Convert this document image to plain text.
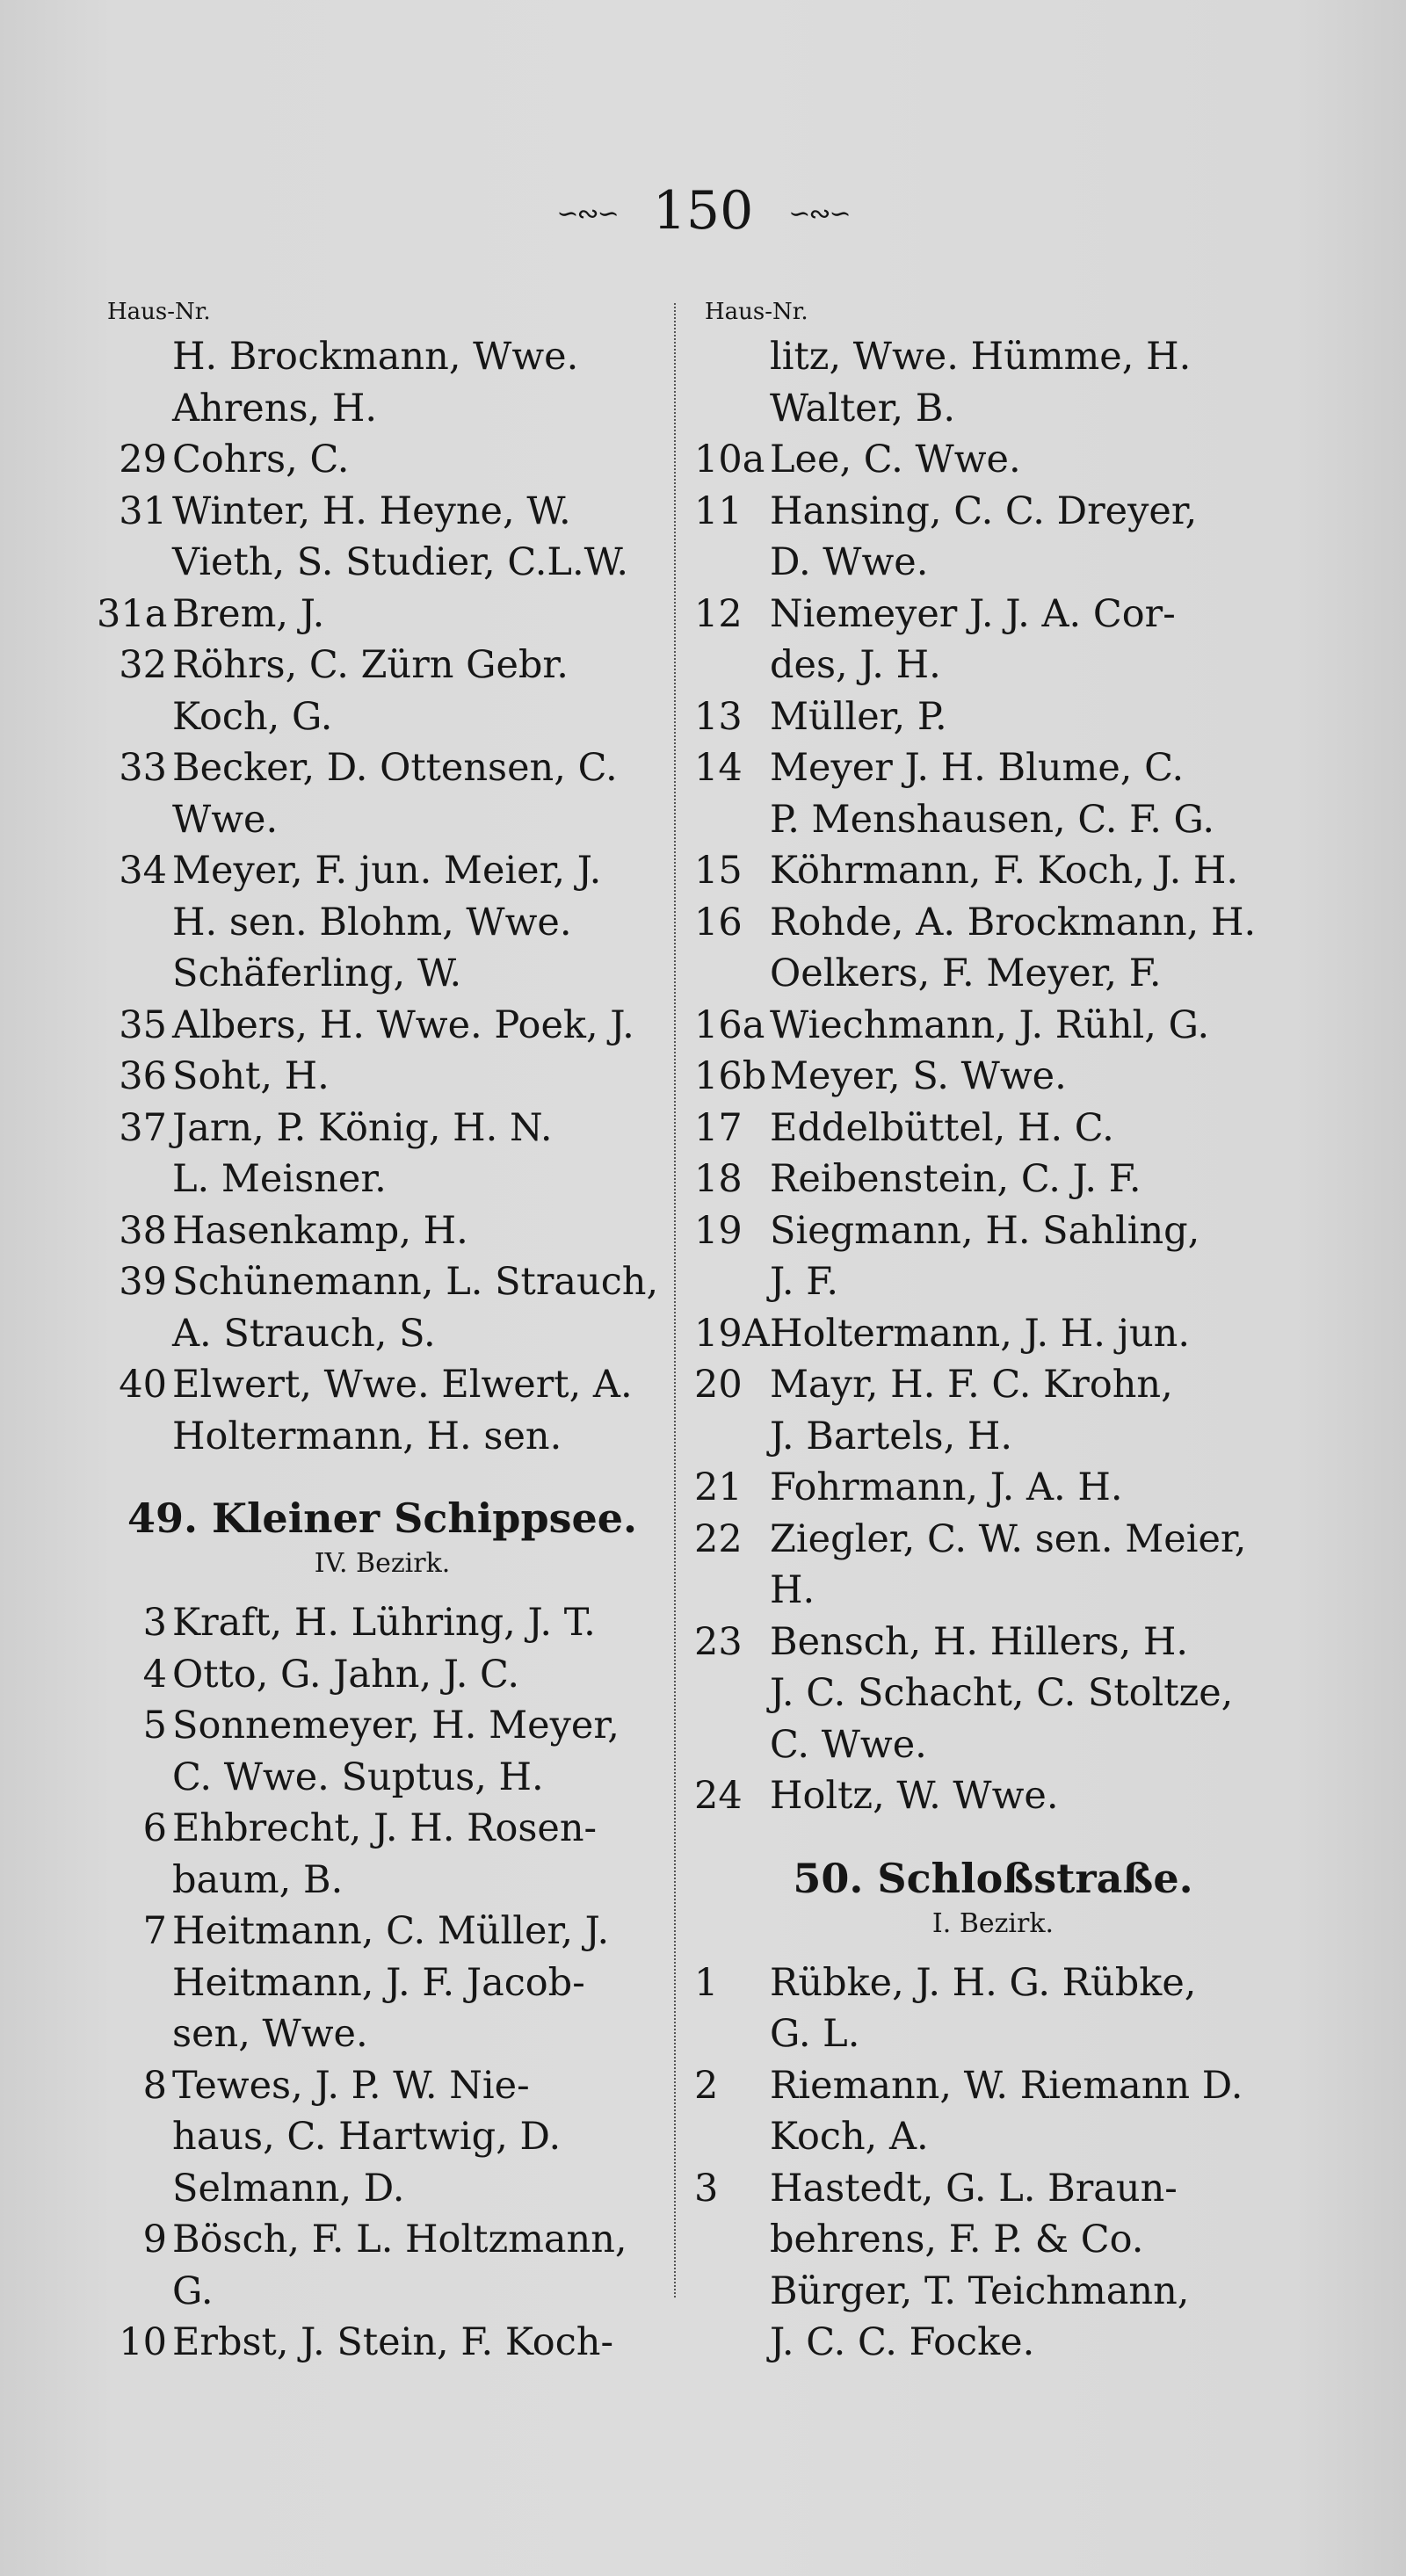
∽∾∽ 150 ∽∾∽
Haus-Nr.
H. Brockmann, Wwe.
Ahrens, H.
29 Cohrs, C.
31 Winter, H. Heyne, W.
Vieth, S. Studier, C.L.W.
31a Brem, J.
32 Röhrs, C. Zürn Gebr.
Koch, G.
33 Becker, D. Ottensen, C.
Wwe.
34 Meyer, F. jun. Meier, J.
H. sen. Blohm, Wwe.
Schäferling, W.
35 Albers, H. Wwe. Poek, J.
36 Soht, H.
37 Jarn, P. König, H. N.
L. Meisner.
38 Hasenkamp, H.
39 Schünemann, L. Strauch,
A. Strauch, S.
40 Elwert, Wwe. Elwert, A.
Holtermann, H. sen.
49. Kleiner Schippsee.
IV. Bezirk.
3 Kraft, H. Lühring, J. T.
4 Otto, G. Jahn, J. C.
5 Sonnemeyer, H. Meyer,
C. Wwe. Suptus, H.
6 Ehbrecht, J. H. Rosen-
baum, B.
7 Heitmann, C. Müller, J.
Heitmann, J. F. Jacob-
sen, Wwe.
8 Tewes, J. P. W. Nie-
haus, C. Hartwig, D.
Selmann, D.
9 Bösch, F. L. Holtzmann,
G.
10 Erbst, J. Stein, F. Koch-
Haus-Nr.
litz, Wwe. Hümme, H.
Walter, B.
10a Lee, C. Wwe.
11 Hansing, C. C. Dreyer,
D. Wwe.
12 Niemeyer J. J. A. Cor-
des, J. H.
13 Müller, P.
14 Meyer J. H. Blume, C.
P. Menshausen, C. F. G.
15 Köhrmann, F. Koch, J. H.
16 Rohde, A. Brockmann, H.
Oelkers, F. Meyer, F.
16a Wiechmann, J. Rühl, G.
16b Meyer, S. Wwe.
17 Eddelbüttel, H. C.
18 Reibenstein, C. J. F.
19 Siegmann, H. Sahling,
J. F.
19A Holtermann, J. H. jun.
20 Mayr, H. F. C. Krohn,
J. Bartels, H.
21 Fohrmann, J. A. H.
22 Ziegler, C. W. sen. Meier,
H.
23 Bensch, H. Hillers, H.
J. C. Schacht, C. Stoltze,
C. Wwe.
24 Holtz, W. Wwe.
50. Schloßstraße.
I. Bezirk.
1	Rübke, J. H. G. Rübke,
G. L.
2	Riemann, W. Riemann D.
Koch, A.
3	Hastedt, G. L. Braun-
behrens, F. P. & Co.
Bürger, T. Teichmann,
J. C. C. Focke.
